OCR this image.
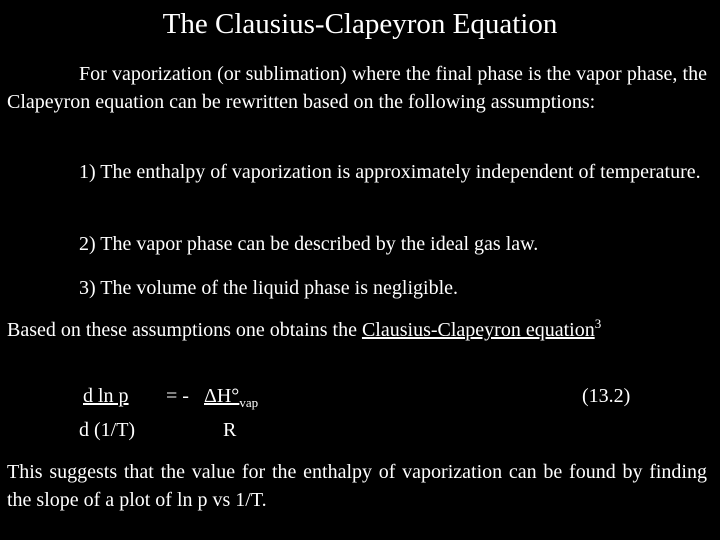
The Clausius-Clapeyron Equation

For vaporization (or sublimation) where the final phase is the vapor phase, the Clapeyron equation can be rewritten based on the following assumptions:

1) The enthalpy of vaporization is approximately independent of temperature.

2) The vapor phase can be described by the ideal gas law.

3) The volume of the liquid phase is negligible.

Based on these assumptions one obtains the Clausius-Clapeyron equation$^3$

d ln p = - $\Delta H^\circ_{vap}$	(13.2)
d (1/T)	R

This suggests that the value for the enthalpy of vaporization can be found by finding the slope of a plot of ln p vs 1/T.
